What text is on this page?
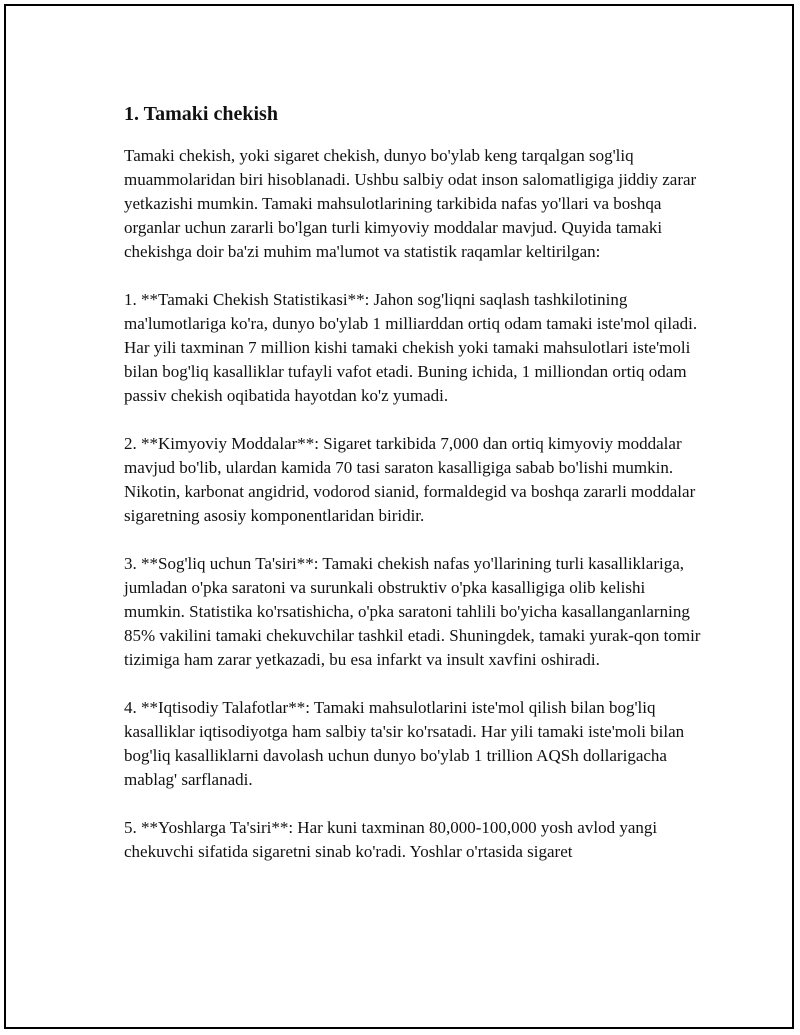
1. Tamaki chekish

Tamaki chekish, yoki sigaret chekish, dunyo bo'ylab keng tarqalgan sog'liq muammolaridan biri hisoblanadi. Ushbu salbiy odat inson salomatligiga jiddiy zarar yetkazishi mumkin. Tamaki mahsulotlarining tarkibida nafas yo'llari va boshqa organlar uchun zararli bo'lgan turli kimyoviy moddalar mavjud. Quyida tamaki chekishga doir ba'zi muhim ma'lumot va statistik raqamlar keltirilgan:

1. **Tamaki Chekish Statistikasi**: Jahon sog'liqni saqlash tashkilotining ma'lumotlariga ko'ra, dunyo bo'ylab 1 milliarddan ortiq odam tamaki iste'mol qiladi. Har yili taxminan 7 million kishi tamaki chekish yoki tamaki mahsulotlari iste'moli bilan bog'liq kasalliklar tufayli vafot etadi. Buning ichida, 1 milliondan ortiq odam passiv chekish oqibatida hayotdan ko'z yumadi.

2. **Kimyoviy Moddalar**: Sigaret tarkibida 7,000 dan ortiq kimyoviy moddalar mavjud bo'lib, ulardan kamida 70 tasi saraton kasalligiga sabab bo'lishi mumkin. Nikotin, karbonat angidrid, vodorod sianid, formaldegid va boshqa zararli moddalar sigaretning asosiy komponentlaridan biridir.

3. **Sog'liq uchun Ta'siri**: Tamaki chekish nafas yo'llarining turli kasalliklariga, jumladan o'pka saratoni va surunkali obstruktiv o'pka kasalligiga olib kelishi mumkin. Statistika ko'rsatishicha, o'pka saratoni tahlili bo'yicha kasallanganlarning 85% vakilini tamaki chekuvchilar tashkil etadi. Shuningdek, tamaki yurak-qon tomir tizimiga ham zarar yetkazadi, bu esa infarkt va insult xavfini oshiradi.

4. **Iqtisodiy Talafotlar**: Tamaki mahsulotlarini iste'mol qilish bilan bog'liq kasalliklar iqtisodiyotga ham salbiy ta'sir ko'rsatadi. Har yili tamaki iste'moli bilan bog'liq kasalliklarni davolash uchun dunyo bo'ylab 1 trillion AQSh dollarigacha mablag' sarflanadi.

5. **Yoshlarga Ta'siri**: Har kuni taxminan 80,000-100,000 yosh avlod yangi chekuvchi sifatida sigaretni sinab ko'radi. Yoshlar o'rtasida sigaret
